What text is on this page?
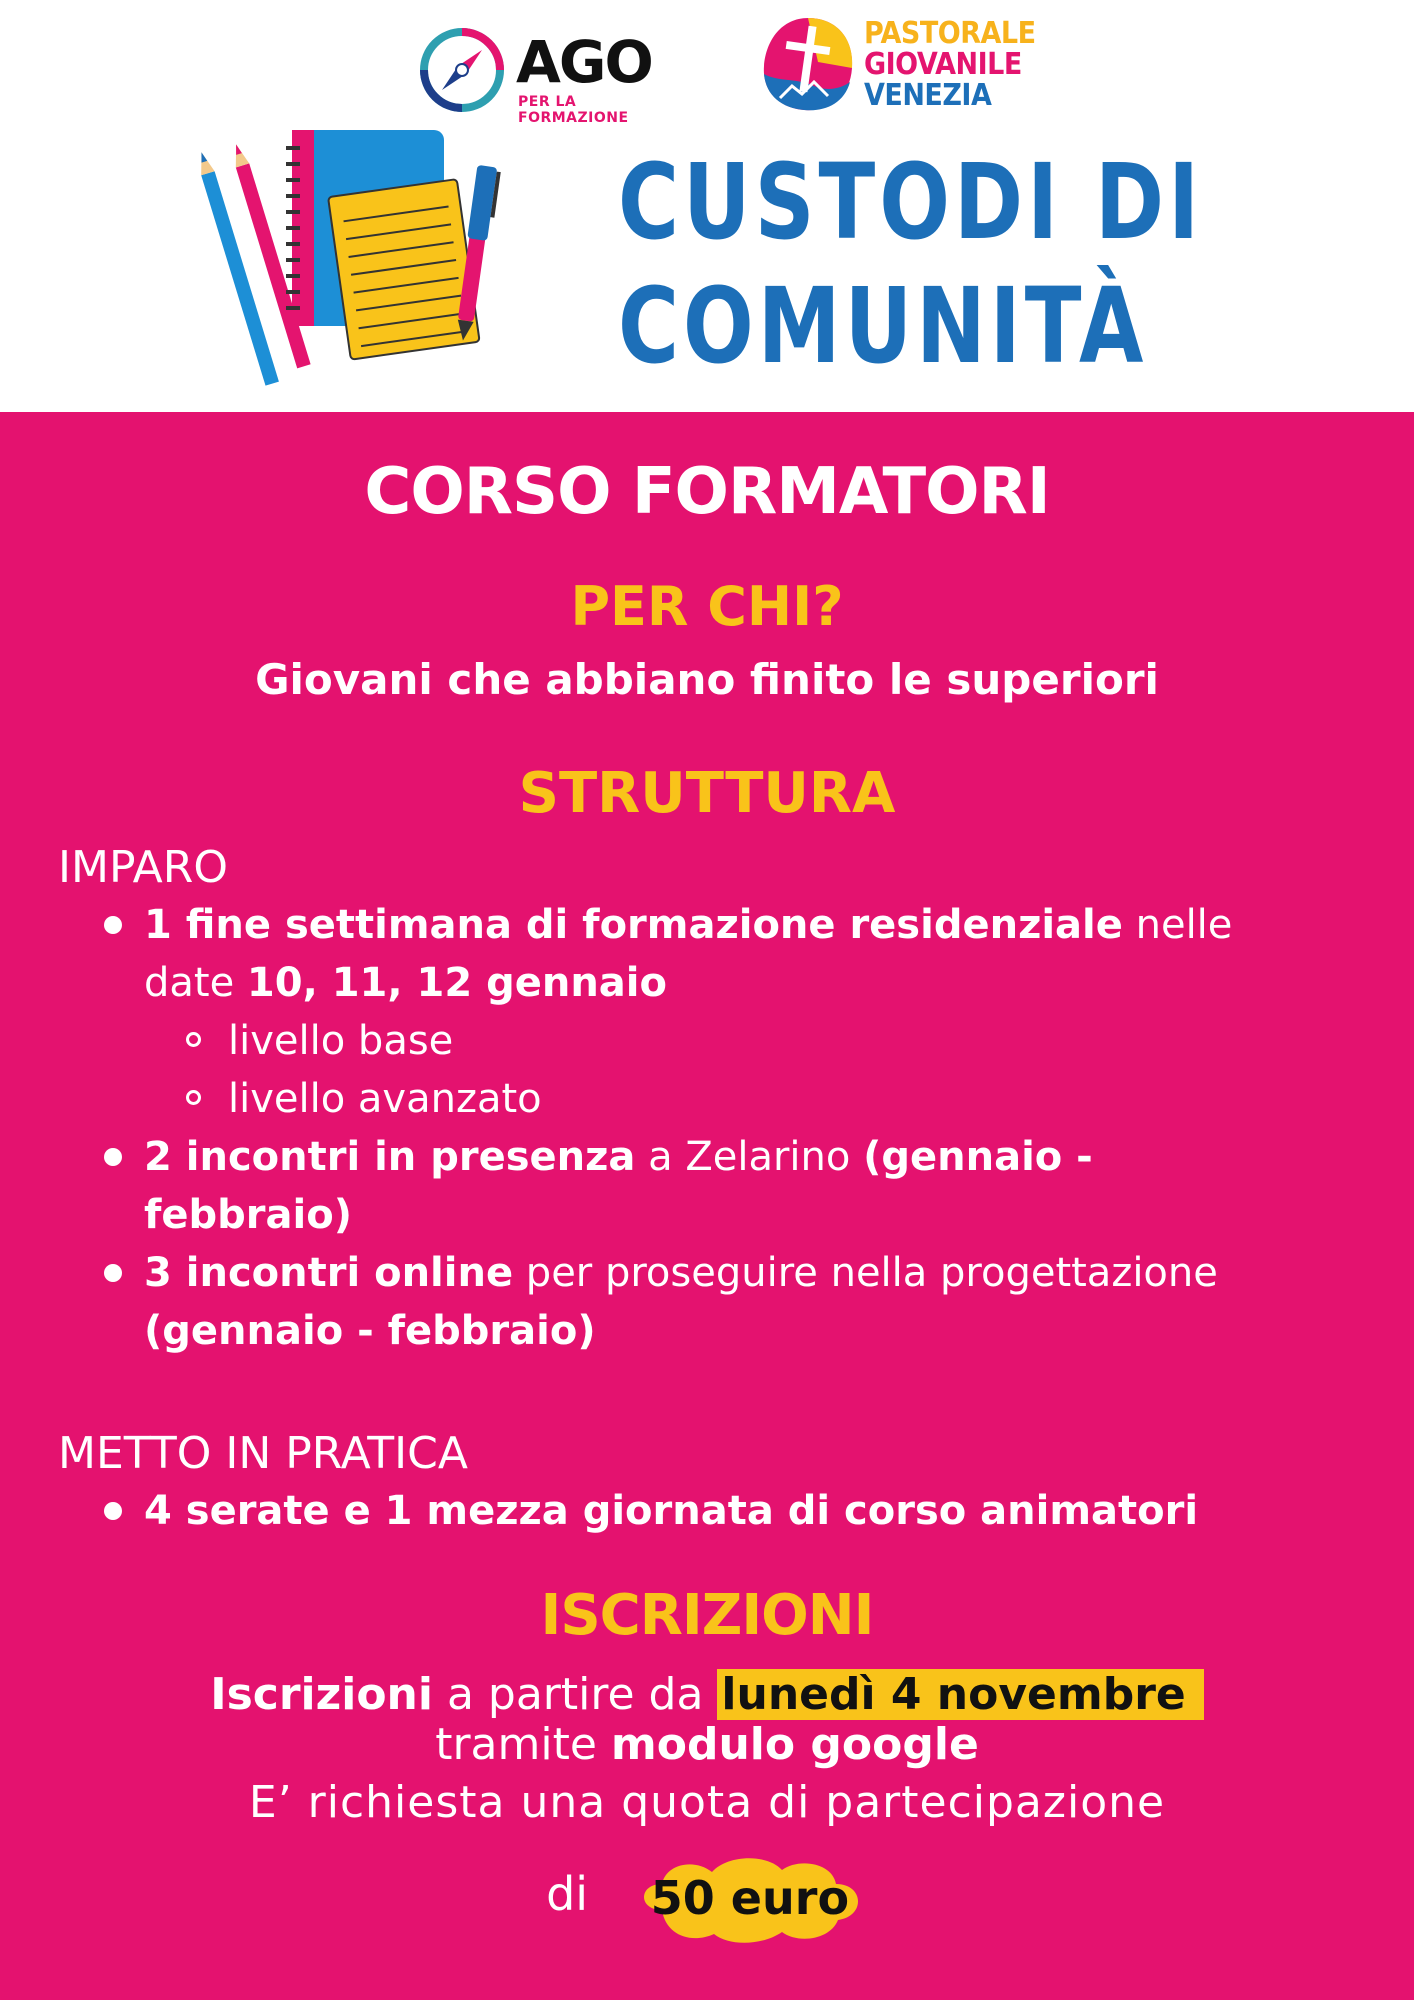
AGO
PER LA FORMAZIONE
PASTORALE
GIOVANILE
VENEZIA
CUSTODI DI
COMUNITÀ
CORSO FORMATORI
PER CHI?
Giovani che abbiano finito le superiori
STRUTTURA
IMPARO
1 fine settimana di formazione residenziale nelle
date 10, 11, 12 gennaio
livello base
livello avanzato
2 incontri in presenza a Zelarino (gennaio -
febbraio)
3 incontri online per proseguire nella progettazione
(gennaio - febbraio)
METTO IN PRATICA
4 serate e 1 mezza giornata di corso animatori
ISCRIZIONI
Iscrizioni a partire da lunedì 4 novembre
tramite modulo google
E’ richiesta una quota di partecipazione
di	50 euro
